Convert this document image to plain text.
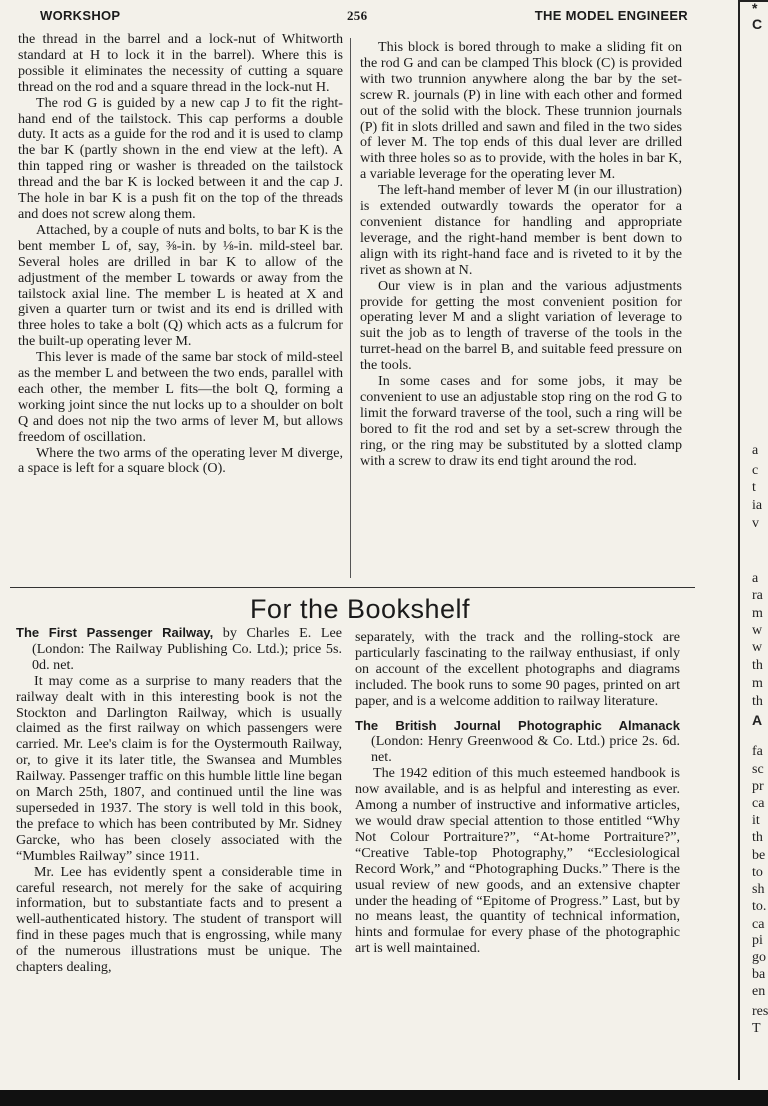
WORKSHOP	256	THE MODEL ENGINEER

the thread in the barrel and a lock-nut of Whitworth standard at H to lock it in the barrel). Where this is possible it eliminates the necessity of cutting a square thread on the rod and a square thread in the lock-nut H.

The rod G is guided by a new cap J to fit the right-hand end of the tailstock. This cap performs a double duty. It acts as a guide for the rod and it is used to clamp the bar K (partly shown in the end view at the left). A thin tapped ring or washer is threaded on the tailstock thread and the bar K is locked between it and the cap J. The hole in bar K is a push fit on the top of the threads and does not screw along them.

Attached, by a couple of nuts and bolts, to bar K is the bent member L of, say, ⅜-in. by ⅛-in. mild-steel bar. Several holes are drilled in bar K to allow of the adjustment of the member L towards or away from the tailstock axial line. The member L is heated at X and given a quarter turn or twist and its end is drilled with three holes to take a bolt (Q) which acts as a fulcrum for the built-up operating lever M.

This lever is made of the same bar stock of mild-steel as the member L and between the two ends, parallel with each other, the member L fits—the bolt Q, forming a working joint since the nut locks up to a shoulder on bolt Q and does not nip the two arms of lever M, but allows freedom of oscillation.

Where the two arms of the operating lever M diverge, a space is left for a square block (O).

This block is bored through to make a sliding fit on the rod G and can be clamped This block (C) is provided with two trunnion anywhere along the bar by the set-screw R. journals (P) in line with each other and formed out of the solid with the block. These trunnion journals (P) fit in slots drilled and sawn and filed in the two sides of lever M. The top ends of this dual lever are drilled with three holes so as to provide, with the holes in bar K, a variable leverage for the operating lever M.

The left-hand member of lever M (in our illustration) is extended outwardly towards the operator for a convenient distance for handling and appropriate leverage, and the right-hand member is bent down to align with its right-hand face and is riveted to it by the rivet as shown at N.

Our view is in plan and the various adjustments provide for getting the most convenient position for operating lever M and a slight variation of leverage to suit the job as to length of traverse of the tools in the turret-head on the barrel B, and suitable feed pressure on the tools.

In some cases and for some jobs, it may be convenient to use an adjustable stop ring on the rod G to limit the forward traverse of the tool, such a ring will be bored to fit the rod and set by a set-screw through the ring, or the ring may be substituted by a slotted clamp with a screw to draw its end tight around the rod.

For the Bookshelf

The First Passenger Railway, by Charles E. Lee (London: The Railway Publishing Co. Ltd.); price 5s. 0d. net.

It may come as a surprise to many readers that the railway dealt with in this interesting book is not the Stockton and Darlington Railway, which is usually claimed as the first railway on which passengers were carried. Mr. Lee's claim is for the Oystermouth Railway, or, to give it its later title, the Swansea and Mumbles Railway. Passenger traffic on this humble little line began on March 25th, 1807, and continued until the line was superseded in 1937. The story is well told in this book, the preface to which has been contributed by Mr. Sidney Garcke, who has been closely associated with the “Mumbles Railway” since 1911.

Mr. Lee has evidently spent a considerable time in careful research, not merely for the sake of acquiring information, but to substantiate facts and to present a well-authenticated history. The student of transport will find in these pages much that is engrossing, while many of the numerous illustrations must be unique. The chapters dealing,

separately, with the track and the rolling-stock are particularly fascinating to the railway enthusiast, if only on account of the excellent photographs and diagrams included. The book runs to some 90 pages, printed on art paper, and is a welcome addition to railway literature.

The British Journal Photographic Almanack (London: Henry Greenwood & Co. Ltd.) price 2s. 6d. net.

The 1942 edition of this much esteemed handbook is now available, and is as helpful and interesting as ever. Among a number of instructive and informative articles, we would draw special attention to those entitled “Why Not Colour Portraiture?”, “At-home Portraiture?”, “Creative Table-top Photography,” “Ecclesiological Record Work,” and “Photographing Ducks.” There is the usual review of new goods, and an extensive chapter under the heading of “Epitome of Progress.” Last, but by no means least, the quantity of technical information, hints and formulae for every phase of the photographic art is well maintained.

a
c
t
ia
v
a
ra
m
w
w
th
m
th
A
fa
sc
pr
ca
it
th
be
to
sh
to.
ca
pi
go
ba
en
res
T
* C
